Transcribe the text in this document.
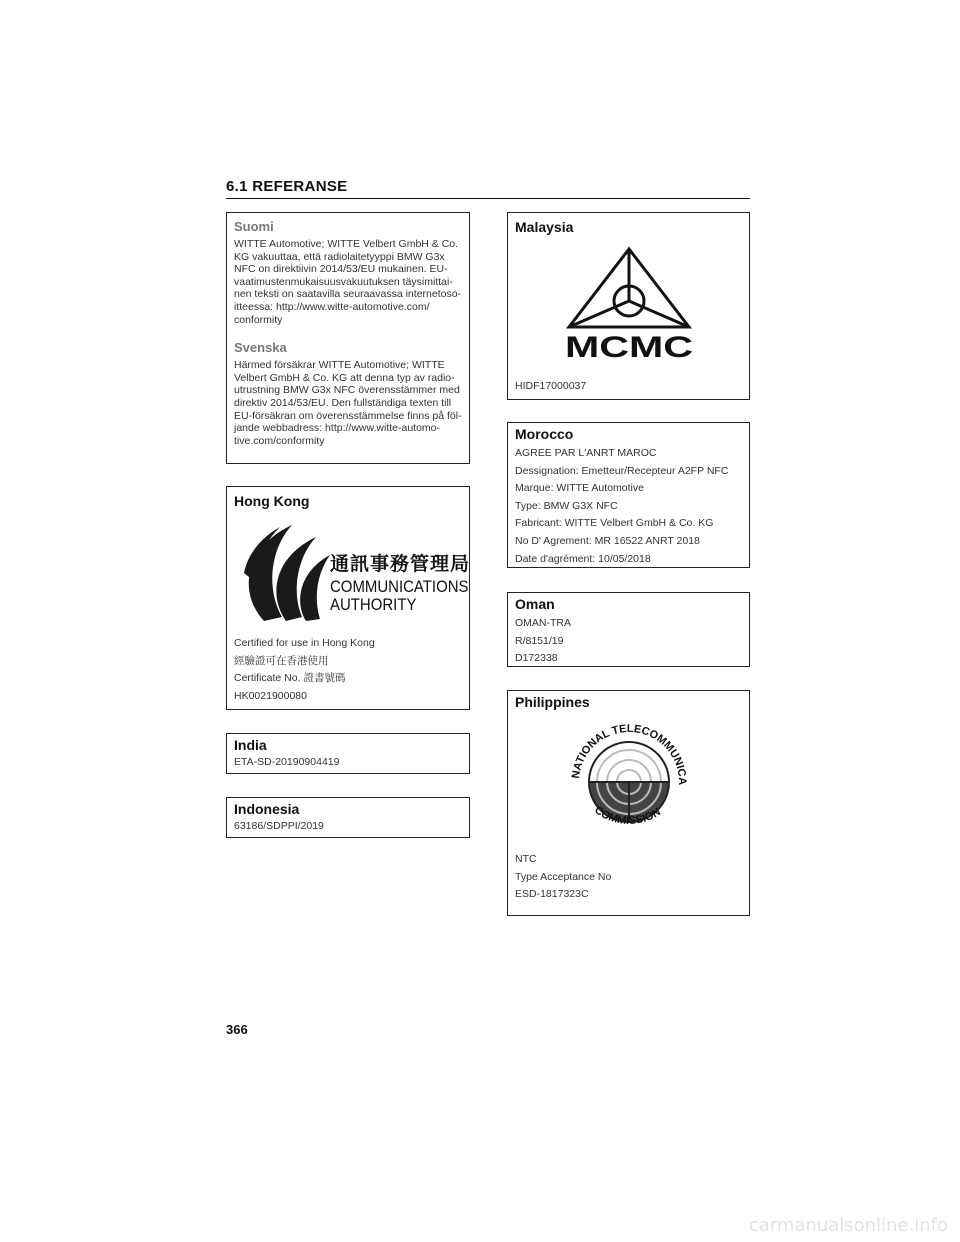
6.1 REFERANSE
Suomi

WITTE Automotive; WITTE Velbert GmbH & Co.

KG vakuuttaa, että radiolaitetyyppi BMW G3x

NFC on direktiivin 2014/53/EU mukainen. EU-

vaatimustenmukaisuusvakuutuksen täysimittai-

nen teksti on saatavilla seuraavassa internetoso-

itteessa: http://www.witte-automotive.com/

conformity

Svenska

Härmed försäkrar WITTE Automotive; WITTE

Velbert GmbH & Co. KG att denna typ av radio-

utrustning BMW G3x NFC överensstämmer med

direktiv 2014/53/EU. Den fullständiga texten till

EU-försäkran om överensstämmelse finns på föl-

jande webbadress: http://www.witte-automo-

tive.com/conformity

Hong Kong
通訊事務管理局
COMMUNICATIONS
AUTHORITY

Certified for use in Hong Kong

經驗證可在香港使用

Certificate No. 證書號碼

HK0021900080

India

ETA-SD-20190904419

Indonesia

63186/SDPPI/2019

Malaysia
MCMC

HIDF17000037

Morocco

AGREE PAR L'ANRT MAROC

Dessignation: Emetteur/Recepteur A2FP NFC

Marque: WITTE Automotive

Type: BMW G3X NFC

Fabricant: WITTE Velbert GmbH & Co. KG

No D' Agrement: MR 16522 ANRT 2018

Date d'agrément: 10/05/2018

Oman

OMAN-TRA

R/8151/19

D172338

Philippines
NATIONAL TELECOMMUNICA
COMMISSION

NTC

Type Acceptance No

ESD-1817323C

366
carmanualsonline.info
